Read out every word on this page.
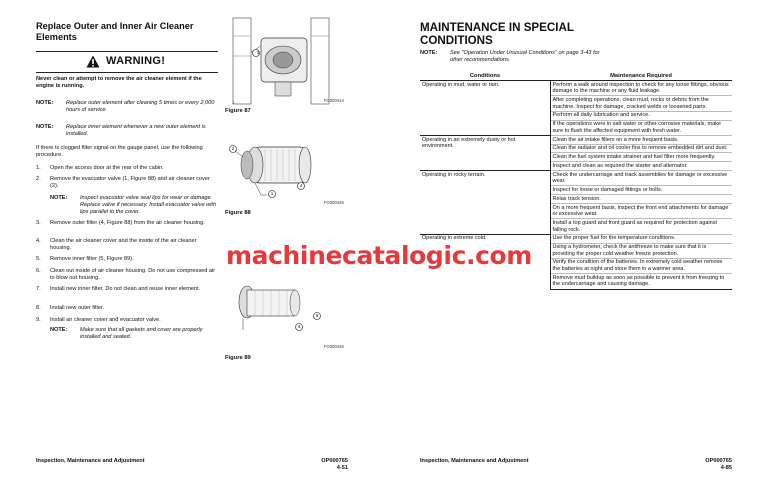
Replace Outer and Inner Air Cleaner Elements
WARNING!
Never clean or attempt to remove the air cleaner element if the engine is running.
NOTE: Replace outer element after cleaning 5 times or every 2,000 hours of service.
NOTE: Replace inner element whenever a new outer element is installed.
If there is clogged filter signal on the gauge panel, use the following procedure.
1. Open the access door at the rear of the cabin.
2. Remove the evacuator valve (1, Figure 88) and air cleaner cover (2).
NOTE: Inspect evacuator valve seal lips for wear or damage. Replace valve if necessary. Install evacuator valve with lips parallel to the cover.
3. Remove outer filter (4, Figure 88) from the air cleaner housing.
4. Clean the air cleaner cover and the inside of the air cleaner housing.
5. Remove inner filter (5, Figure 89).
6. Clean out inside of air cleaner housing. Do not use compressed air to blow out housing.
7. Install new inner filter. Do not clean and reuse inner element.
8. Install new outer filter.
9. Install air cleaner cover and evacuator valve.
NOTE: Make sure that all gaskets and cover are properly installed and seated.
⊥
3
FG000414
Figure 87
2
4
1
FG000425
Figure 88
5
4
FG000426
Figure 89
Inspection, Maintenance and Adjustment	OP000765
4-51
MAINTENANCE IN SPECIAL
CONDITIONS
NOTE: See "Operation Under Unusual Conditions" on page 3-43 for other recommendations.
Conditions	Maintenance Required
Operating in mud, water or rain.	Perform a walk around inspection to check for any loose fittings, obvious damage to the machine or any fluid leakage.
	After completing operations, clean mud, rocks or debris from the machine. Inspect for damage, cracked welds or loosened parts.
	Perform all daily lubrication and service.
	If the operations were in salt water or other corrosive materials, make sure to flush the affected equipment with fresh water.
Operating in an extremely dusty or hot environment.	Clean the air intake filters on a more frequent basis.
	Clean the radiator and oil cooler fins to remove embedded dirt and dust.
	Clean the fuel system intake strainer and fuel filter more frequently.
	Inspect and clean as required the starter and alternator.
Operating in rocky terrain.	Check the undercarriage and track assemblies for damage or excessive wear.
	Inspect for loose or damaged fittings or bolts.
	Relax track tension.
	On a more frequent basis, inspect the front end attachments for damage or excessive wear.
	Install a top guard and front guard as required for protection against falling rock.
Operating in extreme cold.	Use the proper fuel for the temperature conditions.
	Using a hydrometer, check the antifreeze to make sure that it is providing the proper cold weather freeze protection.
	Verify the condition of the batteries. In extremely cold weather remove the batteries at night and store them in a warmer area.
	Remove mud buildup as soon as possible to prevent it from freezing to the undercarriage and causing damage.
Inspection, Maintenance and Adjustment	OP000765
4-85
machinecatalogic.com
